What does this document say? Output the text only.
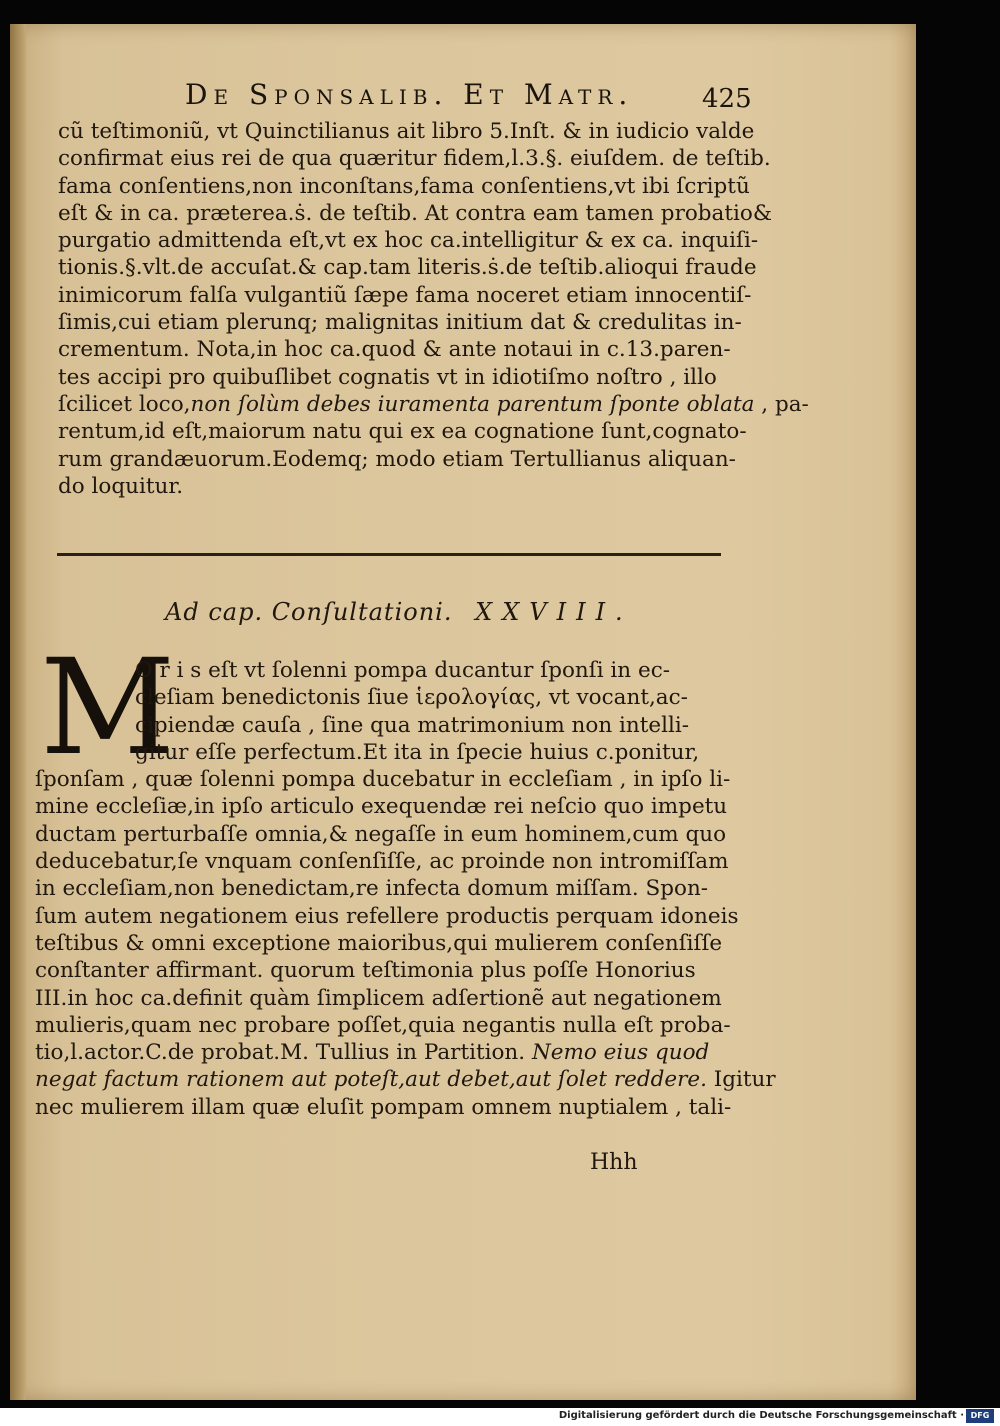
De Sponsalib. Et Matr.	425
cũ teſtimoniũ, vt Quinctilianus ait libro 5.Inſt. & in iudicio valde
confirmat eius rei de qua quæritur fidem,l.3.§. eiuſdem. de teſtib.
fama conſentiens,non inconſtans,fama conſentiens,vt ibi ſcriptũ
eſt & in ca. præterea.ṡ. de teſtib. At contra eam tamen probatio&
purgatio admittenda eſt,vt ex hoc ca.intelligitur & ex ca. inquiſi-
tionis.§.vlt.de accuſat.& cap.tam literis.ṡ.de teſtib.alioqui fraude
inimicorum falſa vulgantiũ ſæpe fama noceret etiam innocentiſ-
ſimis,cui etiam plerunq; malignitas initium dat & credulitas in-
crementum. Nota,in hoc ca.quod & ante notaui in c.13.paren-
tes accipi pro quibuſlibet cognatis vt in idiotiſmo noſtro , illo
ſcilicet loco,non ſolùm debes iuramenta parentum ſponte oblata , pa-
rentum,id eſt,maiorum natu qui ex ea cognatione ſunt,cognato-
rum grandæuorum.Eodemq; modo etiam Tertullianus aliquan-
do loquitur.
Ad cap. Conſultationi. XXVIII.
M
O r i s eſt vt ſolenni pompa ducantur ſponſi in ec-
cleſiam benedictonis ſiue ἱερολογίας, vt vocant,ac-
cipiendæ cauſa , ſine qua matrimonium non intelli-
gitur eſſe perfectum.Et ita in ſpecie huius c.ponitur,
ſponſam , quæ ſolenni pompa ducebatur in eccleſiam , in ipſo li-
mine eccleſiæ,in ipſo articulo exequendæ rei neſcio quo impetu
ductam perturbaſſe omnia,& negaſſe in eum hominem,cum quo
deducebatur,ſe vnquam conſenſiſſe, ac proinde non intromiſſam
in eccleſiam,non benedictam,re infecta domum miſſam. Spon-
ſum autem negationem eius refellere productis perquam idoneis
teſtibus & omni exceptione maioribus,qui mulierem conſenſiſſe
conſtanter affirmant. quorum teſtimonia plus poſſe Honorius
III.in hoc ca.definit quàm ſimplicem adſertionẽ aut negationem
mulieris,quam nec probare poſſet,quia negantis nulla eſt proba-
tio,l.actor.C.de probat.M. Tullius in Partition. Nemo eius quod
negat factum rationem aut poteſt,aut debet,aut ſolet reddere. Igitur
nec mulierem illam quæ eluſit pompam omnem nuptialem , tali-
Hhh
Digitalisierung gefördert durch die Deutsche Forschungsgemeinschaft · DFG
